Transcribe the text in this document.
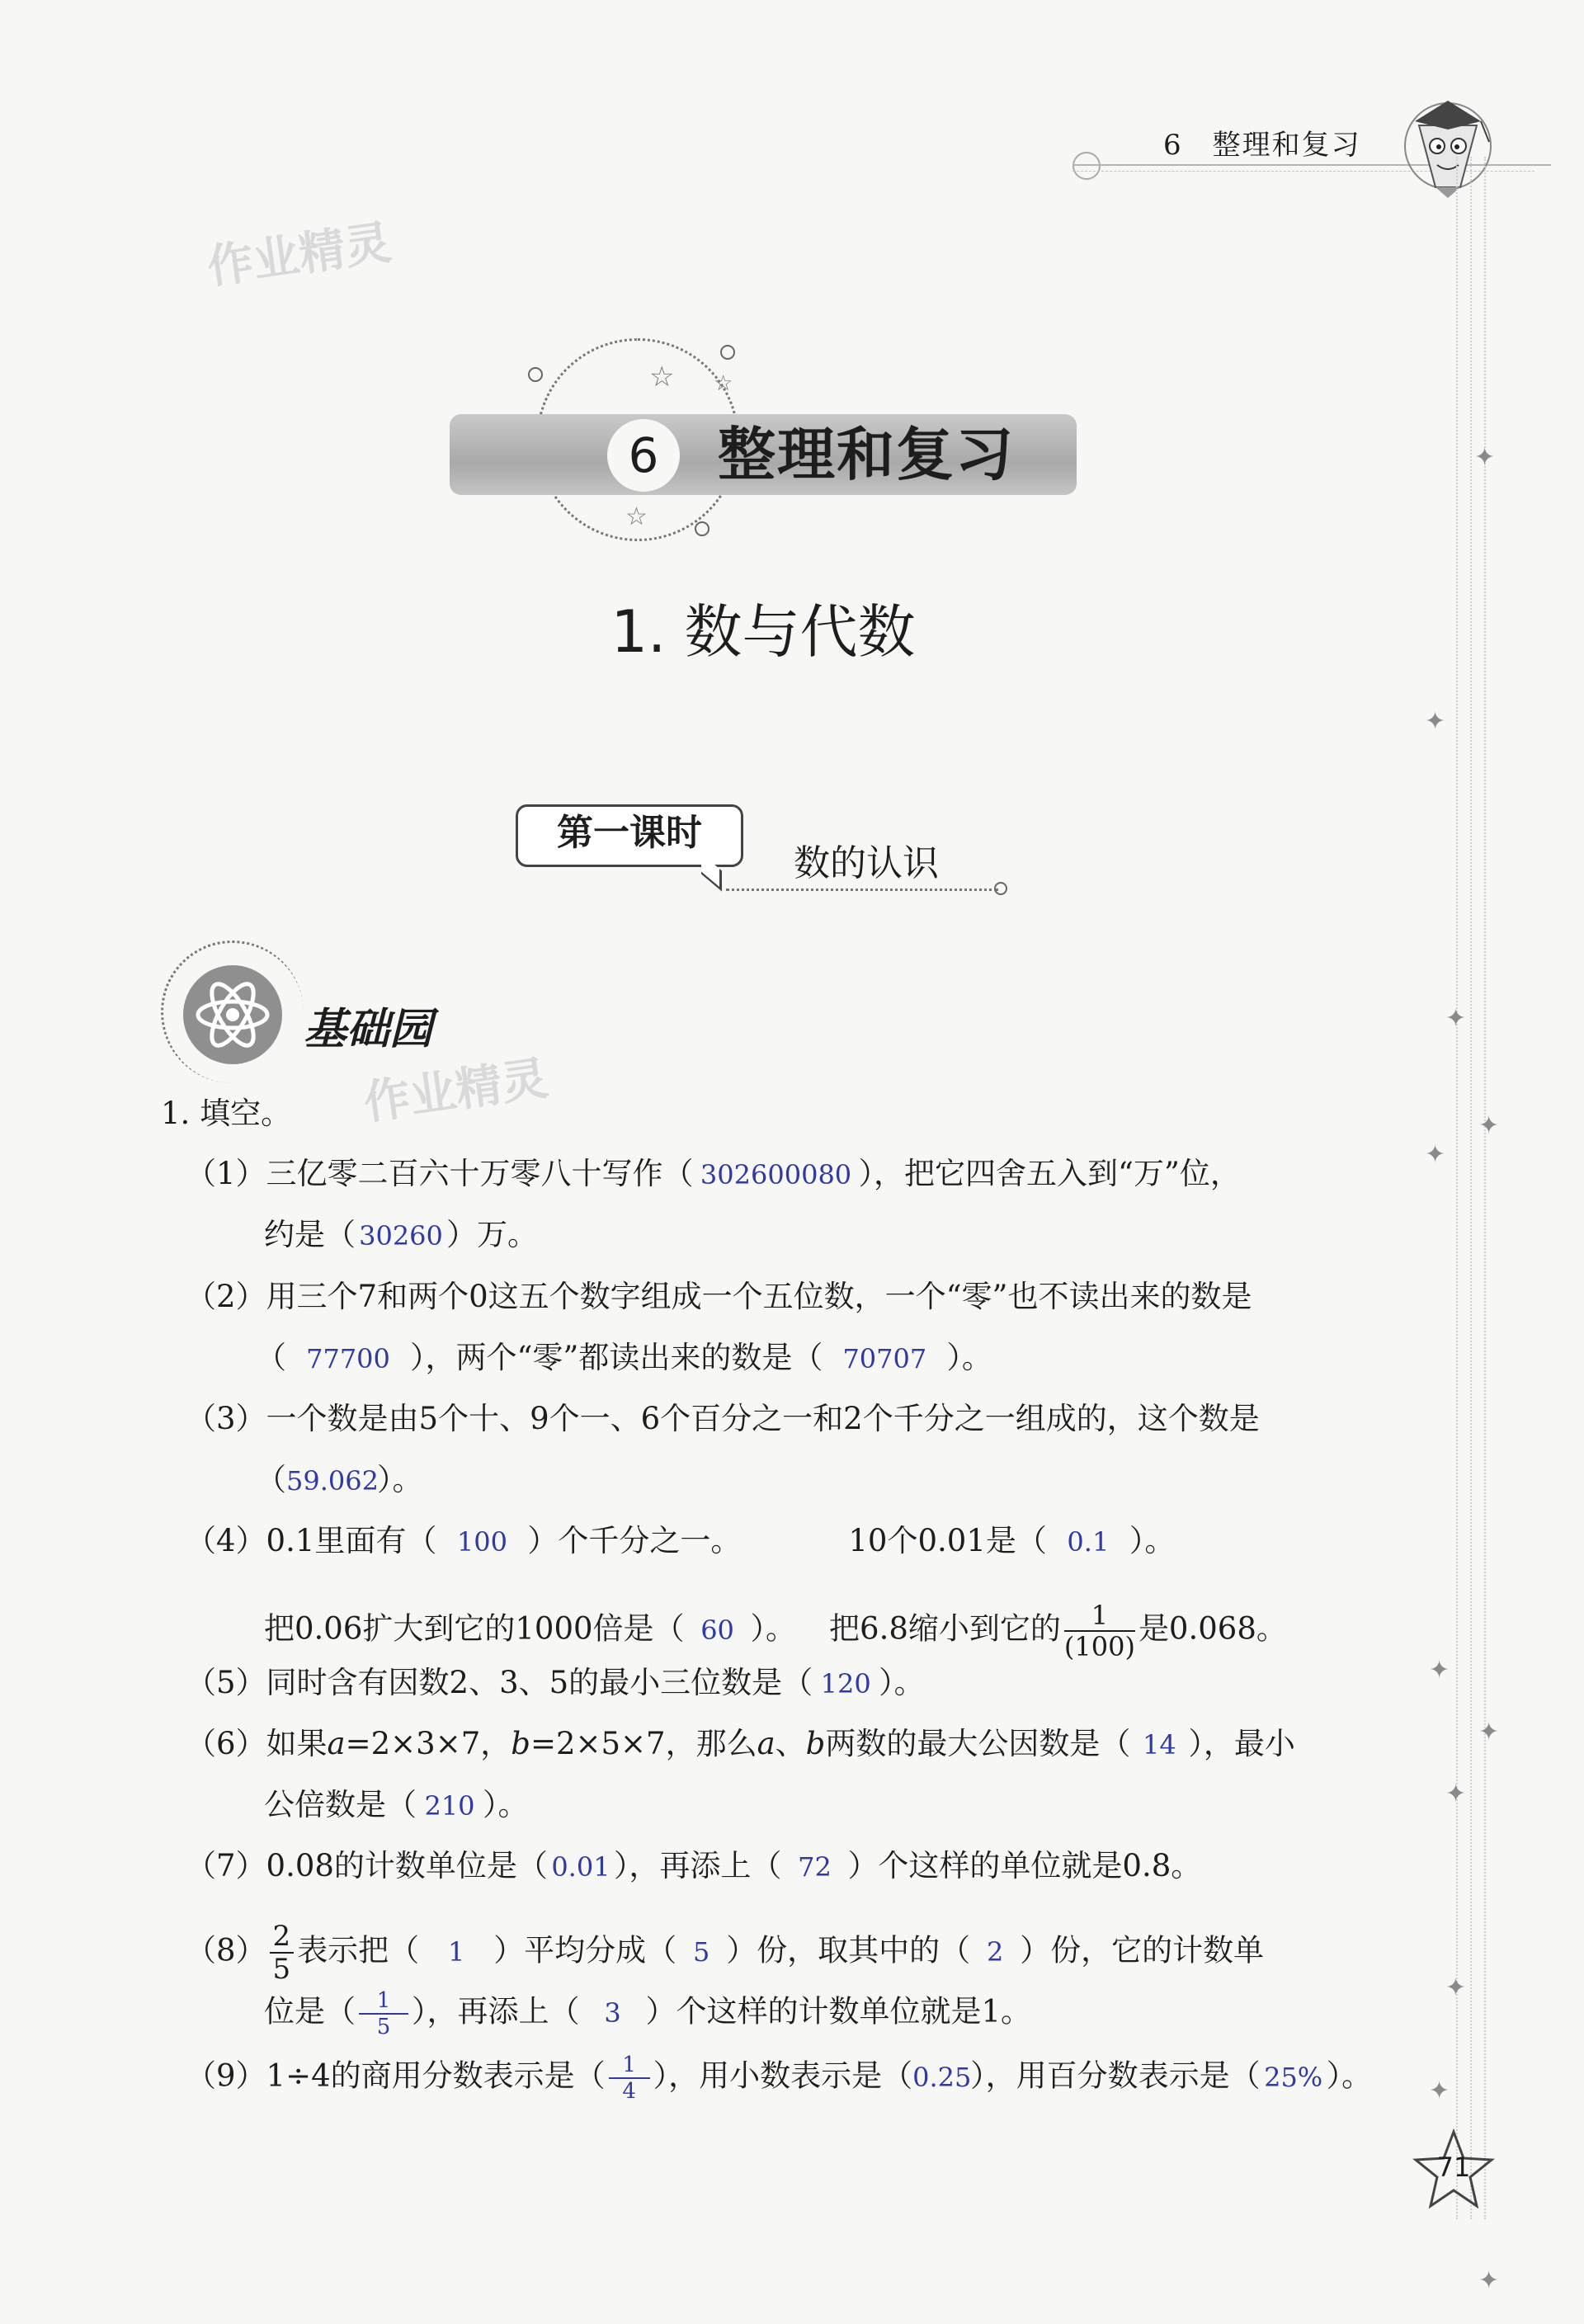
6　整理和复习
✦
✦
✦
✦
✦
✦
✦
✦
✦
✦
✦
作业精灵
作业精灵
☆ ☆
☆
6	整理和复习
1. 数与代数
第一课时
数的认识
基础园
1. 填空。
（1）三亿零二百六十万零八十写作（ 302600080 ），把它四舍五入到“万”位，
约是（ 30260 ）万。
（2）用三个7和两个0这五个数字组成一个五位数，一个“零”也不读出来的数是
（ 77700 ），两个“零”都读出来的数是（ 70707 ）。
（3）一个数是由5个十、9个一、6个百分之一和2个千分之一组成的，这个数是
（59.062）。
（4）0.1里面有（ 100 ）个千分之一。	10个0.01是（ 0.1 ）。
把0.06扩大到它的1000倍是（ 60 ）。 把6.8缩小到它的 $\frac{1}{(100)}$ 是0.068。
（5）同时含有因数2、3、5的最小三位数是（ 120 ）。
（6）如果a=2×3×7，b=2×5×7，那么a、b两数的最大公因数是（ 14 ），最小
公倍数是（ 210 ）。
（7）0.08的计数单位是（ 0.01 ），再添上（ 72 ）个这样的单位就是0.8。
$(8) \frac{2}{5}$ 表示把（ 1 ）平均分成（ 5 ）份，取其中的（ 2 ）份，它的计数单
位是（ $\frac{1}{5}$ ），再添上（ 3 ）个这样的计数单位就是1。
（9）1÷4的商用分数表示是（ $\frac{1}{4}$ ），用小数表示是（0.25），用百分数表示是（ 25% ）。
71
